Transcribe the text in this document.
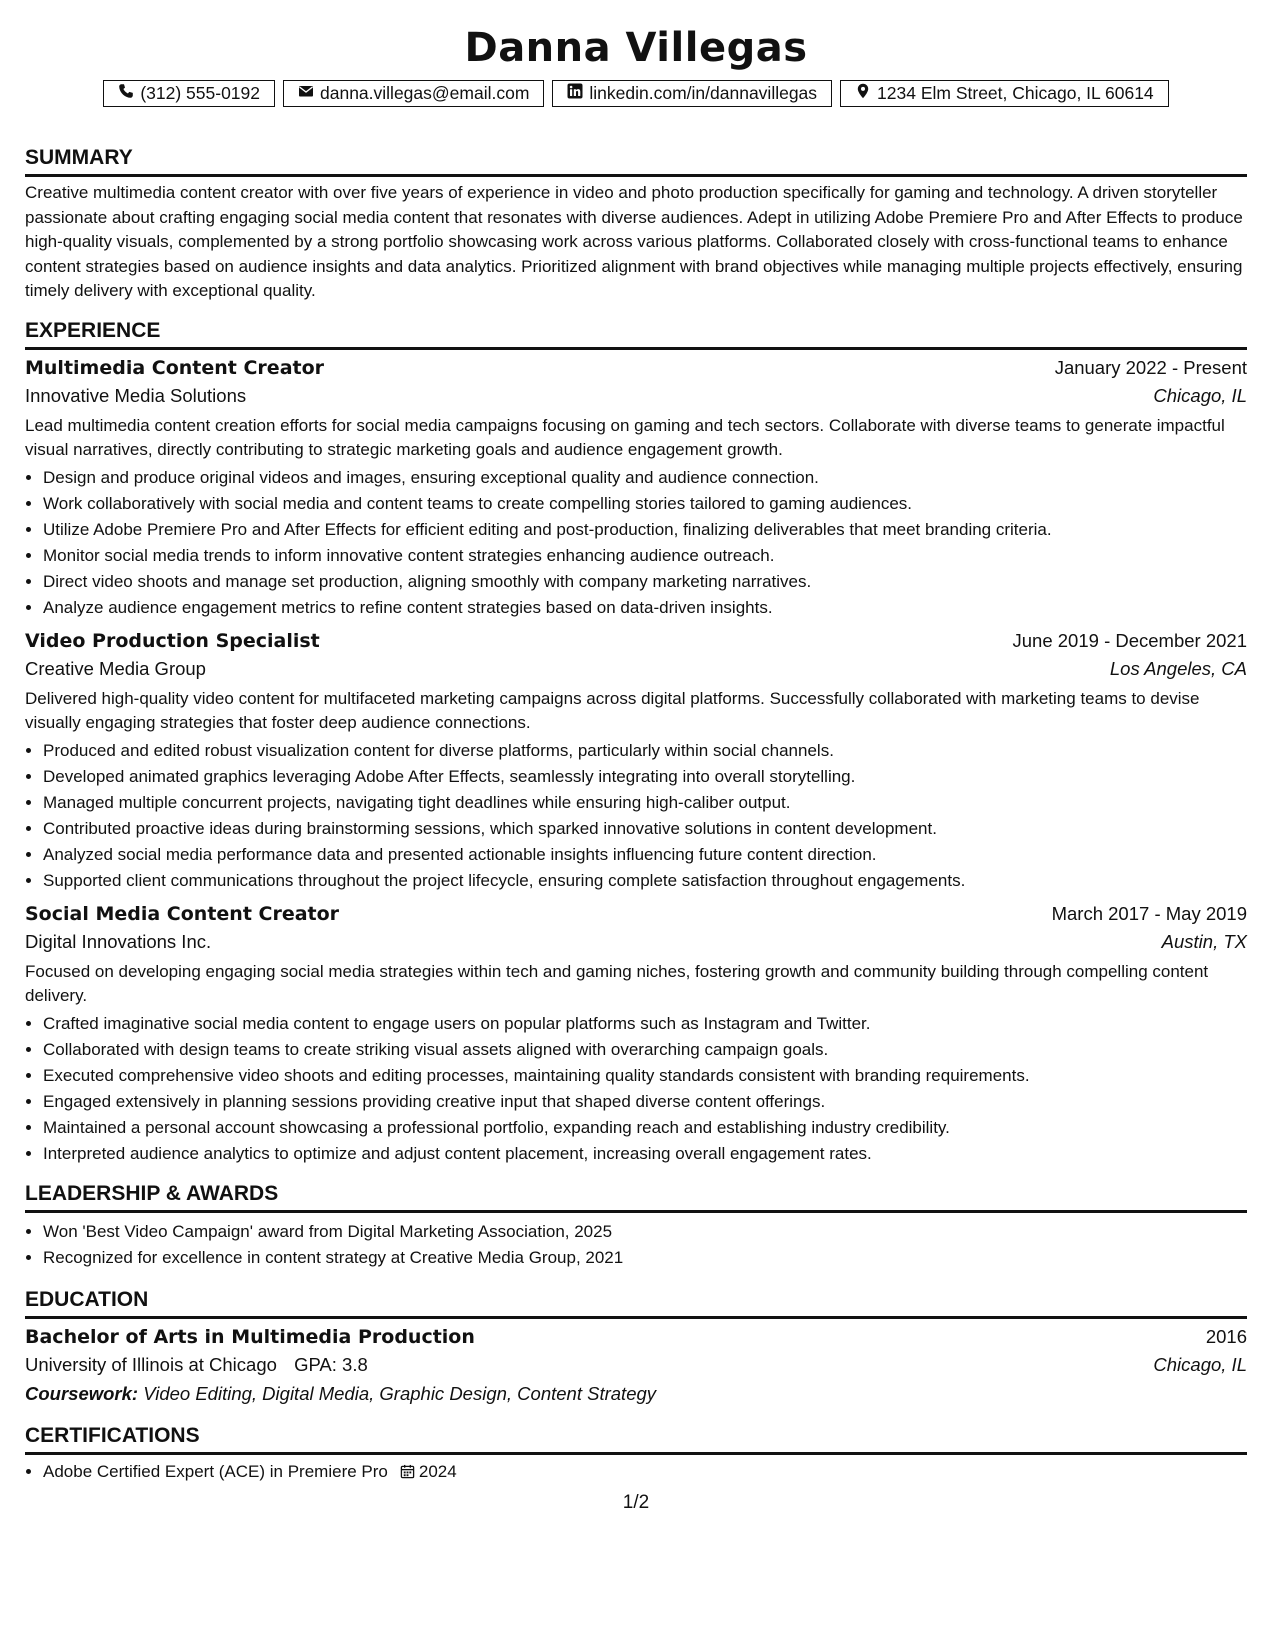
Danna Villegas
(312) 555-0192	danna.villegas@email.com	linkedin.com/in/dannavillegas	1234 Elm Street, Chicago, IL 60614
SUMMARY

Creative multimedia content creator with over five years of experience in video and photo production specifically for gaming and technology. A driven storyteller passionate about crafting engaging social media content that resonates with diverse audiences. Adept in utilizing Adobe Premiere Pro and After Effects to produce high-quality visuals, complemented by a strong portfolio showcasing work across various platforms. Collaborated closely with cross-functional teams to enhance content strategies based on audience insights and data analytics. Prioritized alignment with brand objectives while managing multiple projects effectively, ensuring timely delivery with exceptional quality.

EXPERIENCE
Multimedia Content Creator	January 2022 - Present
Innovative Media Solutions	Chicago, IL

Lead multimedia content creation efforts for social media campaigns focusing on gaming and tech sectors. Collaborate with diverse teams to generate impactful visual narratives, directly contributing to strategic marketing goals and audience engagement growth.

• Design and produce original videos and images, ensuring exceptional quality and audience connection.
• Work collaboratively with social media and content teams to create compelling stories tailored to gaming audiences.
• Utilize Adobe Premiere Pro and After Effects for efficient editing and post-production, finalizing deliverables that meet branding criteria.
• Monitor social media trends to inform innovative content strategies enhancing audience outreach.
• Direct video shoots and manage set production, aligning smoothly with company marketing narratives.
• Analyze audience engagement metrics to refine content strategies based on data-driven insights.
Video Production Specialist	June 2019 - December 2021
Creative Media Group	Los Angeles, CA

Delivered high-quality video content for multifaceted marketing campaigns across digital platforms. Successfully collaborated with marketing teams to devise visually engaging strategies that foster deep audience connections.

• Produced and edited robust visualization content for diverse platforms, particularly within social channels.
• Developed animated graphics leveraging Adobe After Effects, seamlessly integrating into overall storytelling.
• Managed multiple concurrent projects, navigating tight deadlines while ensuring high-caliber output.
• Contributed proactive ideas during brainstorming sessions, which sparked innovative solutions in content development.
• Analyzed social media performance data and presented actionable insights influencing future content direction.
• Supported client communications throughout the project lifecycle, ensuring complete satisfaction throughout engagements.
Social Media Content Creator	March 2017 - May 2019
Digital Innovations Inc.	Austin, TX

Focused on developing engaging social media strategies within tech and gaming niches, fostering growth and community building through compelling content delivery.

• Crafted imaginative social media content to engage users on popular platforms such as Instagram and Twitter.
• Collaborated with design teams to create striking visual assets aligned with overarching campaign goals.
• Executed comprehensive video shoots and editing processes, maintaining quality standards consistent with branding requirements.
• Engaged extensively in planning sessions providing creative input that shaped diverse content offerings.
• Maintained a personal account showcasing a professional portfolio, expanding reach and establishing industry credibility.
• Interpreted audience analytics to optimize and adjust content placement, increasing overall engagement rates.
LEADERSHIP & AWARDS
• Won 'Best Video Campaign' award from Digital Marketing Association, 2025
• Recognized for excellence in content strategy at Creative Media Group, 2021
EDUCATION
Bachelor of Arts in Multimedia Production	2016
University of Illinois at Chicago GPA: 3.8	Chicago, IL
Coursework: Video Editing, Digital Media, Graphic Design, Content Strategy
CERTIFICATIONS
• Adobe Certified Expert (ACE) in Premiere Pro 2024
1/2
